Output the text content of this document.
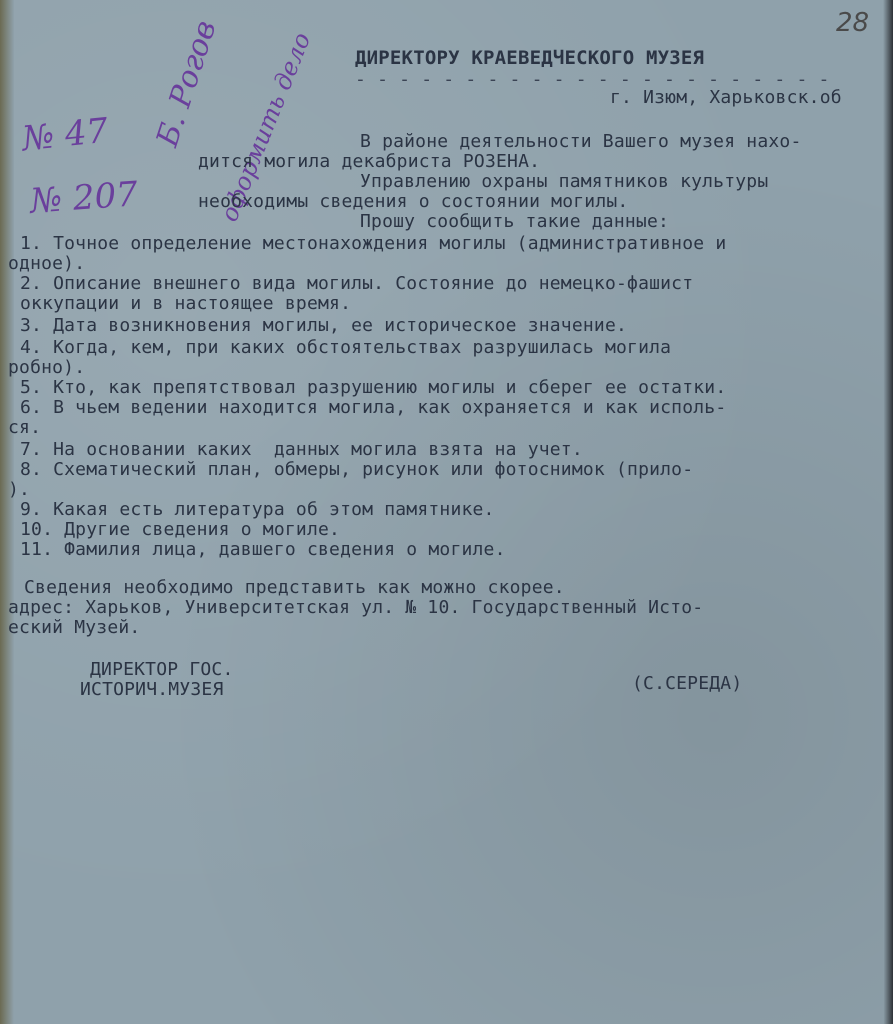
28
№ 47
№ 207
Б. Рогов
оформить дело ДИРЕКТОРУ КРАЕВЕДЧЕСКОГО МУЗЕЯ
- - - - - - - - - - - - - - - - - - - - - -
г. Изюм, Харьковск.об
В районе деятельности Вашего музея нахо-
дится могила декабриста РОЗЕНА.
Управлению охраны памятников культуры
необходимы сведения о состоянии могилы.
Прошу сообщить такие данные:
1. Точное определение местонахождения могилы (административное и
одное).
2. Описание внешнего вида могилы. Состояние до немецко-фашист
оккупации и в настоящее время.
3. Дата возникновения могилы, ее историческое значение.
4. Когда, кем, при каких обстоятельствах разрушилась могила
робно).
5. Кто, как препятствовал разрушению могилы и сберег ее остатки.
6. В чьем ведении находится могила, как охраняется и как исполь-
ся.
7. На основании каких  данных могила взята на учет.
8. Схематический план, обмеры, рисунок или фотоснимок (прило-
).
9. Какая есть литература об этом памятнике.
10. Другие сведения о могиле.
11. Фамилия лица, давшего сведения о могиле.
Сведения необходимо представить как можно скорее.
адрес: Харьков, Университетская ул. № 10. Государственный Исто-
еский Музей.
ДИРЕКТОР ГОС.
ИСТОРИЧ.МУЗЕЯ	(С.СЕРЕДА)
